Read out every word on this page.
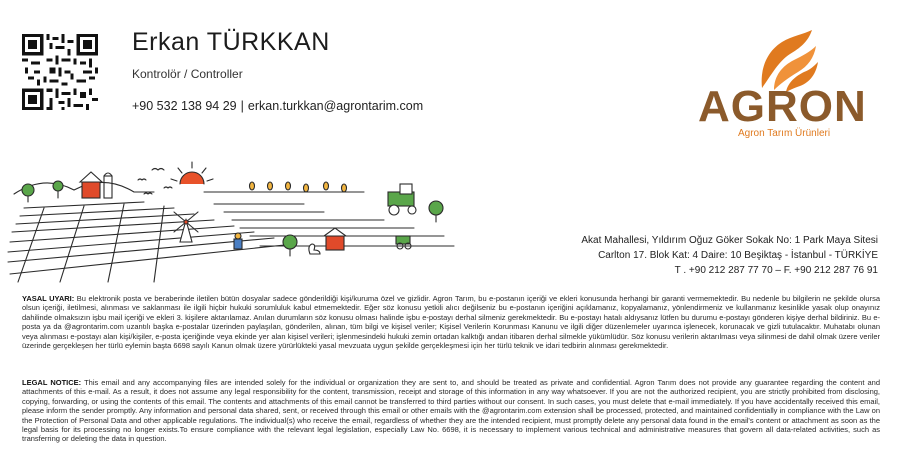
Erkan TÜRKKAN
Kontrolör / Controller
+90 532 138 94 29 | erkan.turkkan@agrontarim.com	AGRON
Agron Tarım Ürünleri
Akat Mahallesi, Yıldırım Oğuz Göker Sokak No: 1 Park Maya Sitesi
Carlton 17. Blok Kat: 4 Daire: 10 Beşiktaş - İstanbul - TÜRKİYE
T . +90 212 287 77 70 – F. +90 212 287 76 91
YASAL UYARI: Bu elektronik posta ve beraberinde iletilen bütün dosyalar sadece gönderildiği kişi/kuruma özel ve gizlidir. Agron Tarım, bu e-postanın içeriği ve ekleri konusunda herhangi bir garanti vermemektedir. Bu nedenle bu bilgilerin ne şekilde olursa olsun içeriği, iletilmesi, alınması ve saklanması ile ilgili hiçbir hukuki sorumluluk kabul etmemektedir. Eğer söz konusu yetkili alıcı değilseniz bu e-postanın içeriğini açıklamanız, kopyalamanız, yönlendirmeniz ve kullanmanız kesinlikle yasak olup onayınız dahilinde olmaksızın işbu mail içeriği ve ekleri 3. kişilere aktarılamaz. Anılan durumların söz konusu olması halinde işbu e-postayı derhal silmeniz gerekmektedir. Bu e-postayı hatalı aldıysanız lütfen bu durumu e-postayı gönderen kişiye derhal bildiriniz. Bu e-posta ya da @agrontarim.com uzantılı başka e-postalar üzerinden paylaşılan, gönderilen, alınan, tüm bilgi ve kişisel veriler; Kişisel Verilerin Korunması Kanunu ve ilgili diğer düzenlemeler uyarınca işlenecek, korunacak ve gizli tutulacaktır. Muhatabı olunan veya alınması e-postayı alan kişi/kişiler, e-posta içeriğinde veya ekinde yer alan kişisel verileri; işlenmesindeki hukuki zemin ortadan kalktığı andan itibaren derhal silmekle yükümlüdür. Söz konusu verilerin aktarılması veya silinmesi de dahil olmak üzere veriler üzerinde gerçekleşen her türlü eylemin başta 6698 sayılı Kanun olmak üzere yürürlükteki yasal mevzuata uygun şekilde gerçekleşmesi için her türlü teknik ve idari tedbirin alınması gerekmektedir.
LEGAL NOTICE: This email and any accompanying files are intended solely for the individual or organization they are sent to, and should be treated as private and confidential. Agron Tarım does not provide any guarantee regarding the content and attachments of this e-mail. As a result, it does not assume any legal responsibility for the content, transmission, receipt and storage of this information in any way whatsoever. If you are not the authorized recipient, you are strictly prohibited from disclosing, copying, forwarding, or using the contents of this email. The contents and attachments of this email cannot be transferred to third parties without our consent. In such cases, you must delete that e-mail immediately. If you have accidentally received this email, please inform the sender promptly. Any information and personal data shared, sent, or received through this email or other emails with the @agrontarim.com extension shall be processed, protected, and maintained confidentially in compliance with the Law on the Protection of Personal Data and other applicable regulations. The individual(s) who receive the email, regardless of whether they are the intended recipient, must promptly delete any personal data found in the email's content or attachment as soon as the legal basis for its processing no longer exists.To ensure compliance with the relevant legal legislation, especially Law No. 6698, it is necessary to implement various technical and administrative measures that govern all data-related activities, such as transferring or deleting the data in question.
